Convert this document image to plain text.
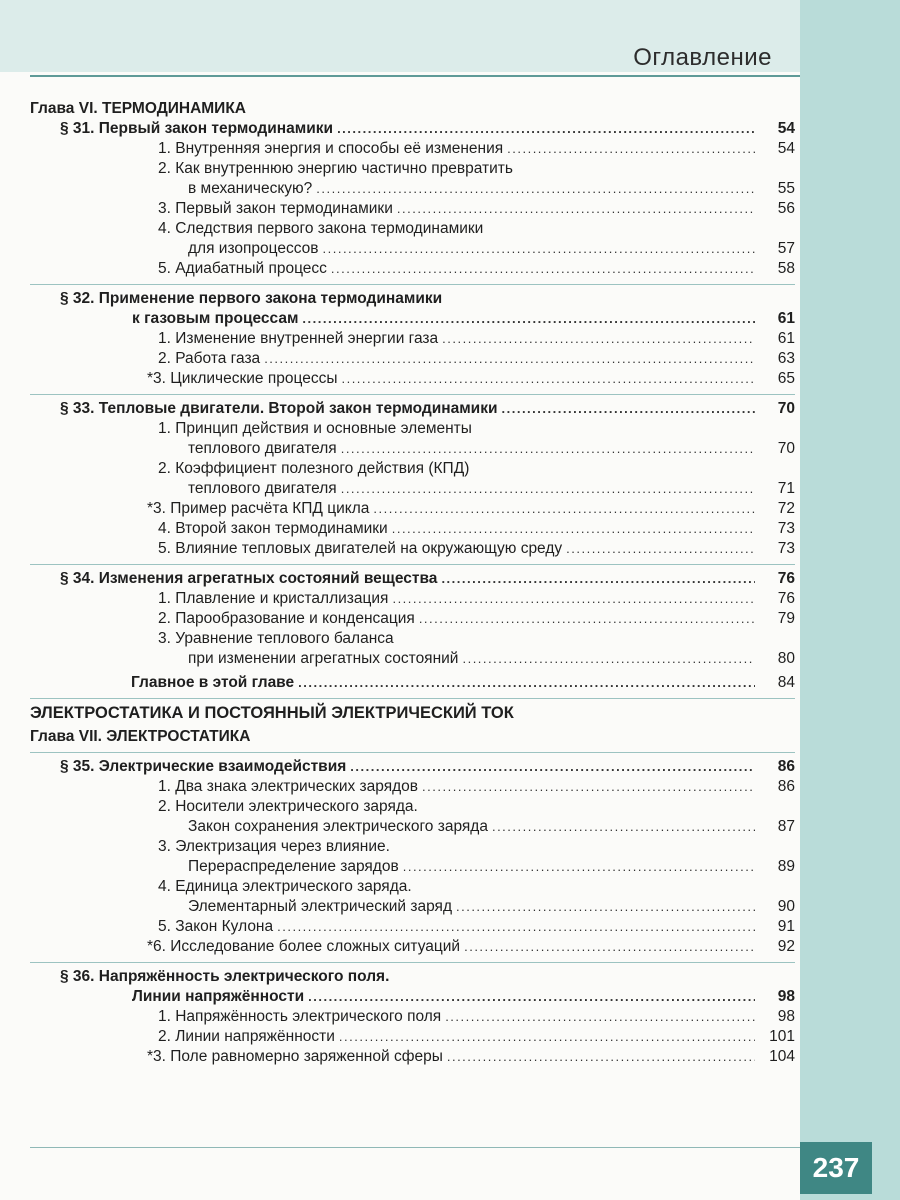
Оглавление
Глава VI. ТЕРМОДИНАМИКА
§ 31. Первый закон термодинамики .....	54
1. Внутренняя энергия и способы её изменения .....	54
2. Как внутреннюю энергию частично превратить
в механическую? .....	55
3. Первый закон термодинамики .....	56
4. Следствия первого закона термодинамики
для изопроцессов .....	57
5. Адиабатный процесс .....	58
§ 32. Применение первого закона термодинамики
к газовым процессам .....	61
1. Изменение внутренней энергии газа .....	61
2. Работа газа .....	63
*3. Циклические процессы .....	65
§ 33. Тепловые двигатели. Второй закон термодинамики .....	70
1. Принцип действия и основные элементы
теплового двигателя .....	70
2. Коэффициент полезного действия (КПД)
теплового двигателя .....	71
*3. Пример расчёта КПД цикла .....	72
4. Второй закон термодинамики .....	73
5. Влияние тепловых двигателей на окружающую среду .....	73
§ 34. Изменения агрегатных состояний вещества .....	76
1. Плавление и кристаллизация .....	76
2. Парообразование и конденсация .....	79
3. Уравнение теплового баланса
при изменении агрегатных состояний .....	80
Главное в этой главе .....	84
ЭЛЕКТРОСТАТИКА И ПОСТОЯННЫЙ ЭЛЕКТРИЧЕСКИЙ ТОК
Глава VII. ЭЛЕКТРОСТАТИКА
§ 35. Электрические взаимодействия .....	86
1. Два знака электрических зарядов .....	86
2. Носители электрического заряда.
Закон сохранения электрического заряда .....	87
3. Электризация через влияние.
Перераспределение зарядов .....	89
4. Единица электрического заряда.
Элементарный электрический заряд .....	90
5. Закон Кулона .....	91
*6. Исследование более сложных ситуаций .....	92
§ 36. Напряжённость электрического поля.
Линии напряжённости .....	98
1. Напряжённость электрического поля .....	98
2. Линии напряжённости .....	101
*3. Поле равномерно заряженной сферы .....	104
237
